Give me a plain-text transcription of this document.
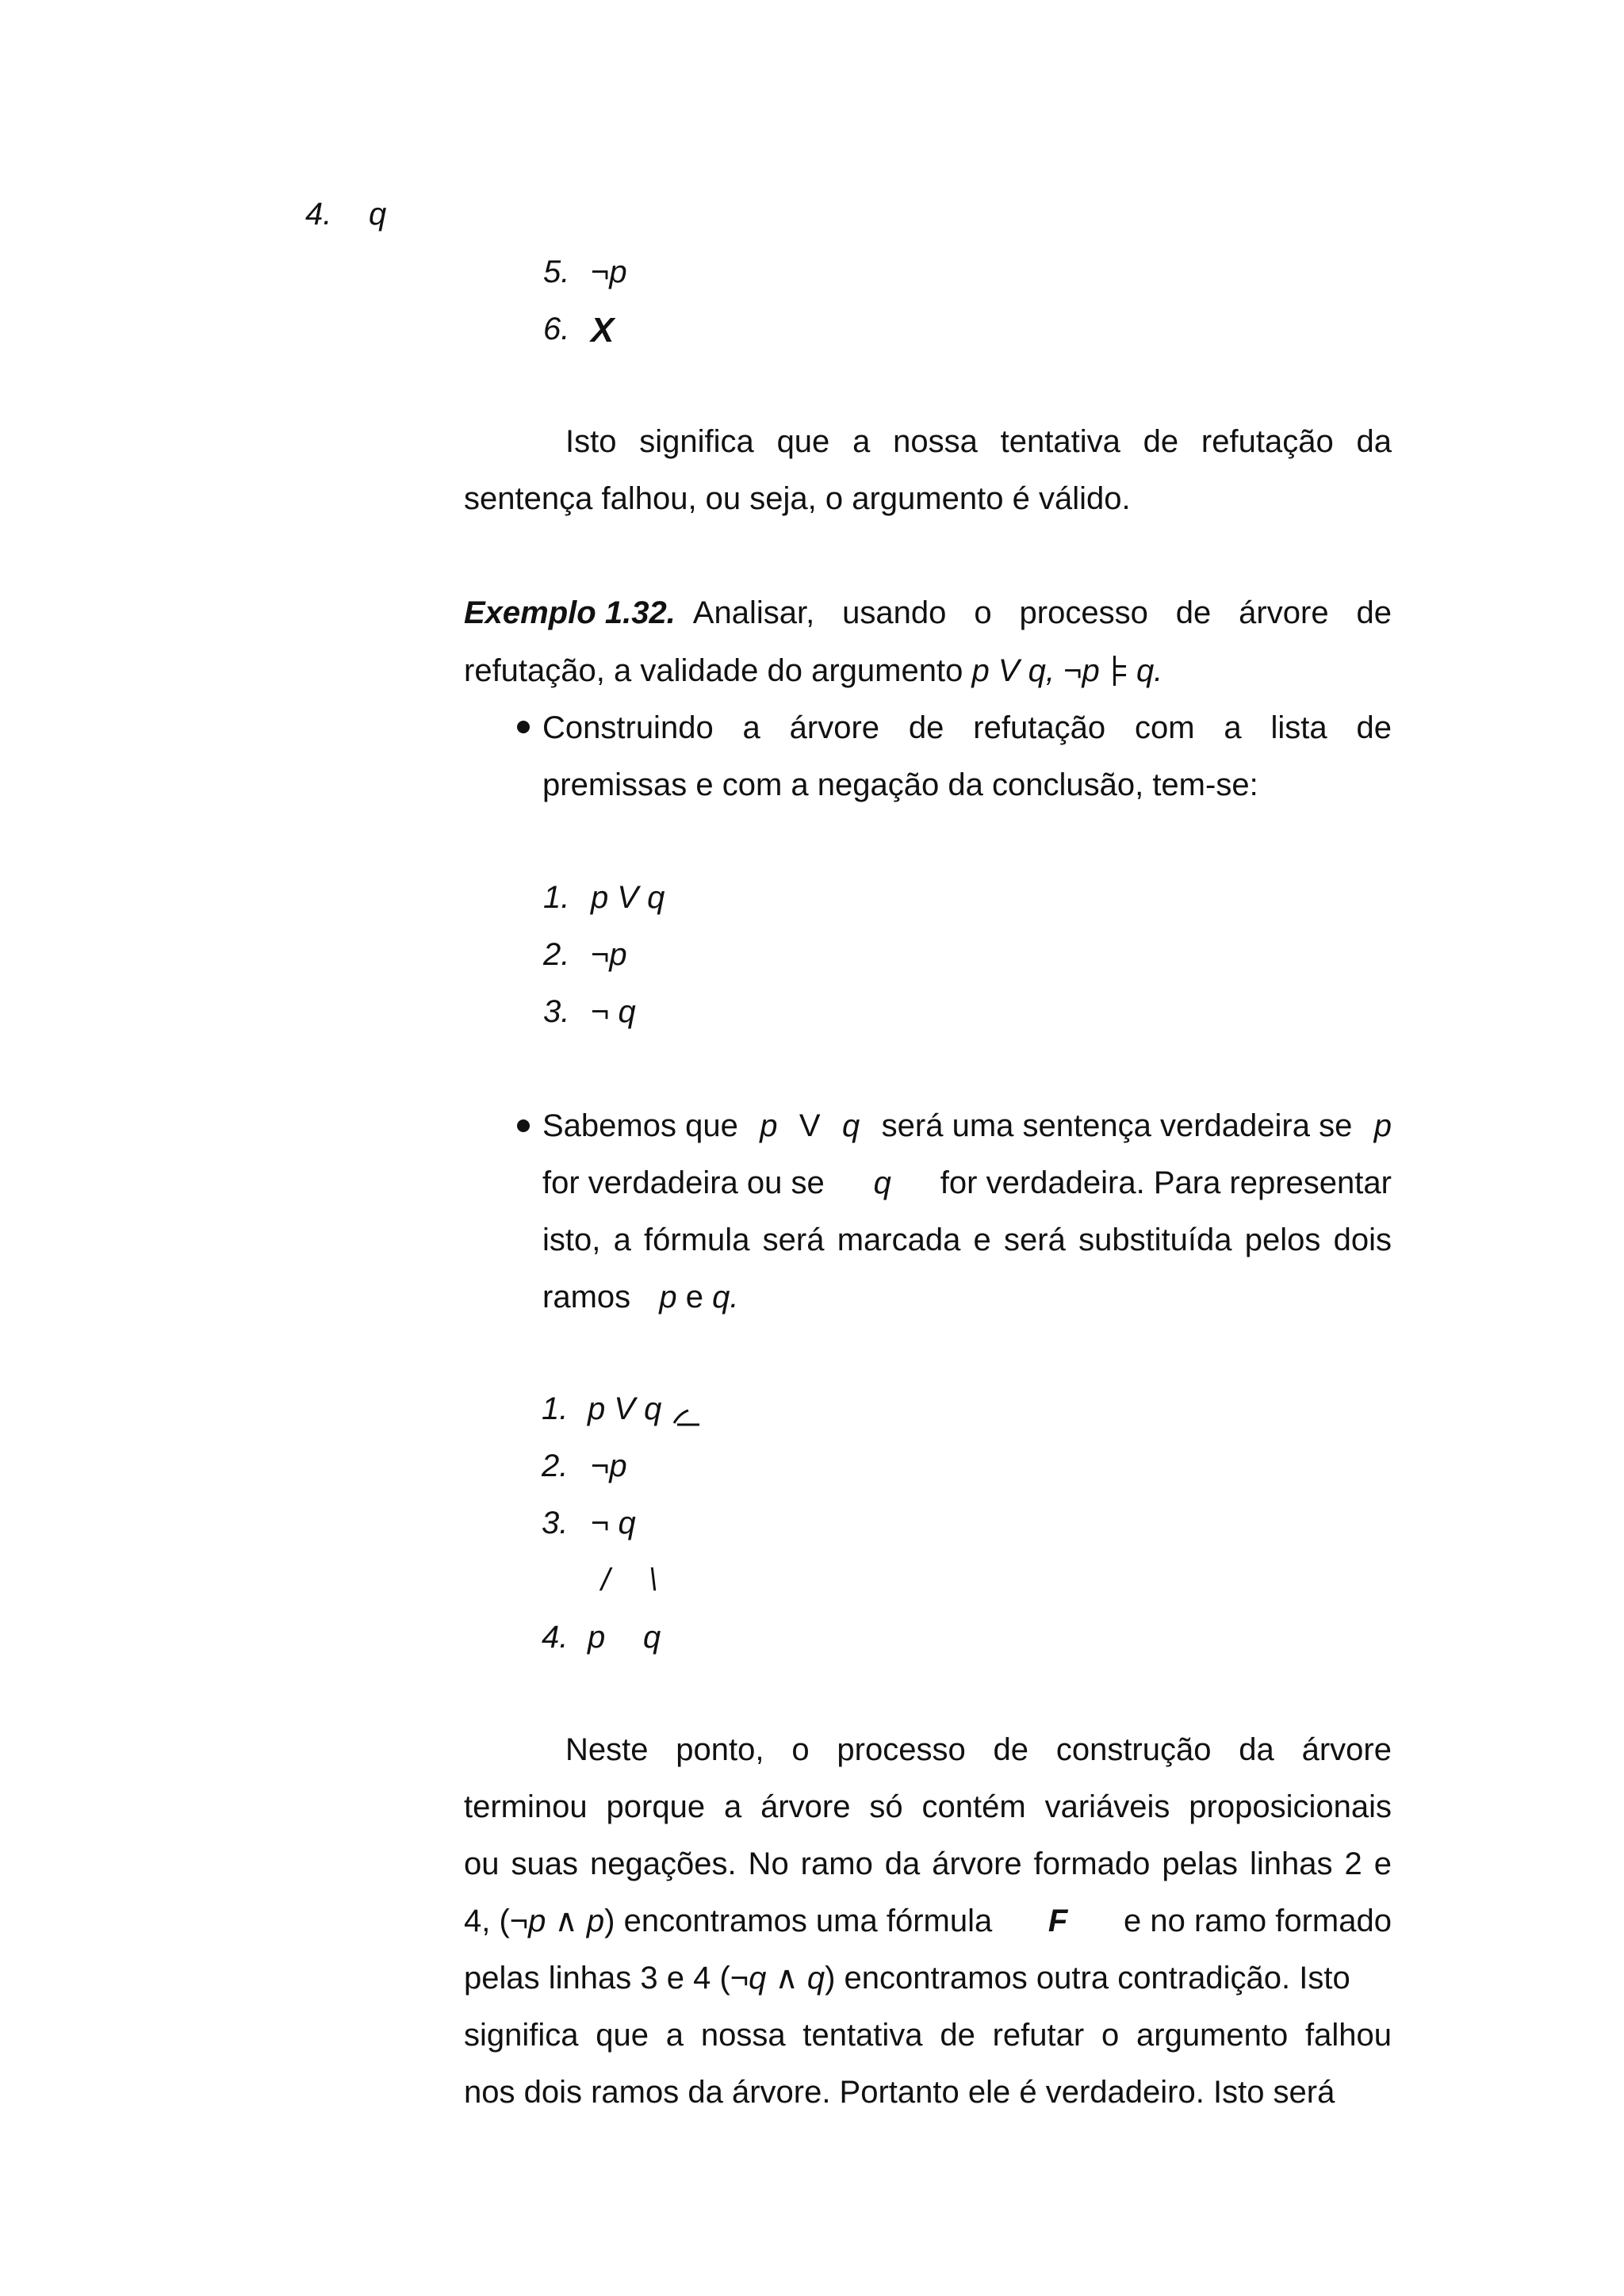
4. q
5. ¬p
6. X
Isto significa que a nossa tentativa de refutação da
sentença falhou, ou seja, o argumento é válido.
Exemplo 1.32. Analisar, usando o processo de árvore de
refutação, a validade do argumento p V q, ¬p q.
Construindo a árvore de refutação com a lista de
premissas e com a negação da conclusão, tem-se:
1. p V q
2. ¬p
3. ¬ q
Sabemos que p V q será uma sentença verdadeira se p
for verdadeira ou se q for verdadeira. Para representar
isto, a fórmula será marcada e será substituída pelos dois
ramos p e q.
1. p V q
2. ¬p
3. ¬ q
/ \
4. p q
Neste ponto, o processo de construção da árvore
terminou porque a árvore só contém variáveis proposicionais
ou suas negações. No ramo da árvore formado pelas linhas 2 e
4, (¬p ∧ p) encontramos uma fórmula F e no ramo formado
pelas linhas 3 e 4 (¬q ∧ q) encontramos outra contradição. Isto
significa que a nossa tentativa de refutar o argumento falhou
nos dois ramos da árvore. Portanto ele é verdadeiro. Isto será
